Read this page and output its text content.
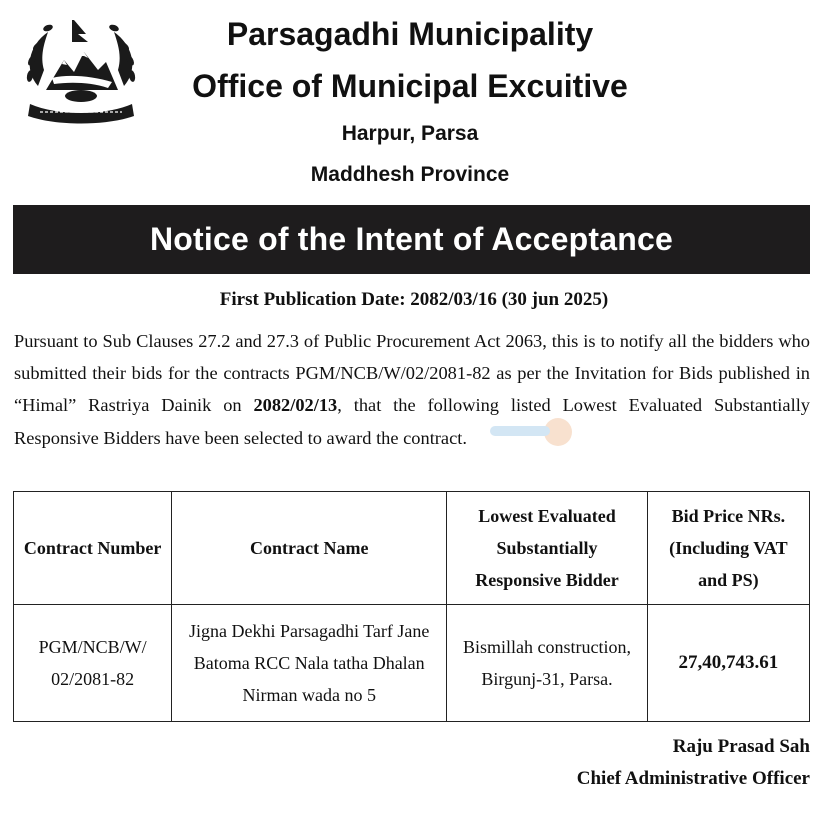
Parsagadhi Municipality

Office of Municipal Excuitive

Harpur, Parsa

Maddhesh Province

Notice of the Intent of Acceptance

First Publication Date: 2082/03/16 (30 jun 2025)

Pursuant to Sub Clauses 27.2 and 27.3 of Public Procurement Act 2063, this is to notify all the bidders who submitted their bids for the contracts PGM/NCB/W/02/2081-82 as per the Invitation for Bids published in “Himal” Rastriya Dainik on 2082/02/13, that the following listed Lowest Evaluated Substantially Responsive Bidders have been selected to award the contract.

Contract Number	Contract Name	Lowest Evaluated Substantially Responsive Bidder	Bid Price NRs. (Including VAT and PS)
PGM/NCB/W/ 02/2081-82	Jigna Dekhi Parsagadhi Tarf Jane Batoma RCC Nala tatha Dhalan Nirman wada no 5	Bismillah construction, Birgunj-31, Parsa.	27,40,743.61

Raju Prasad Sah

Chief Administrative Officer
